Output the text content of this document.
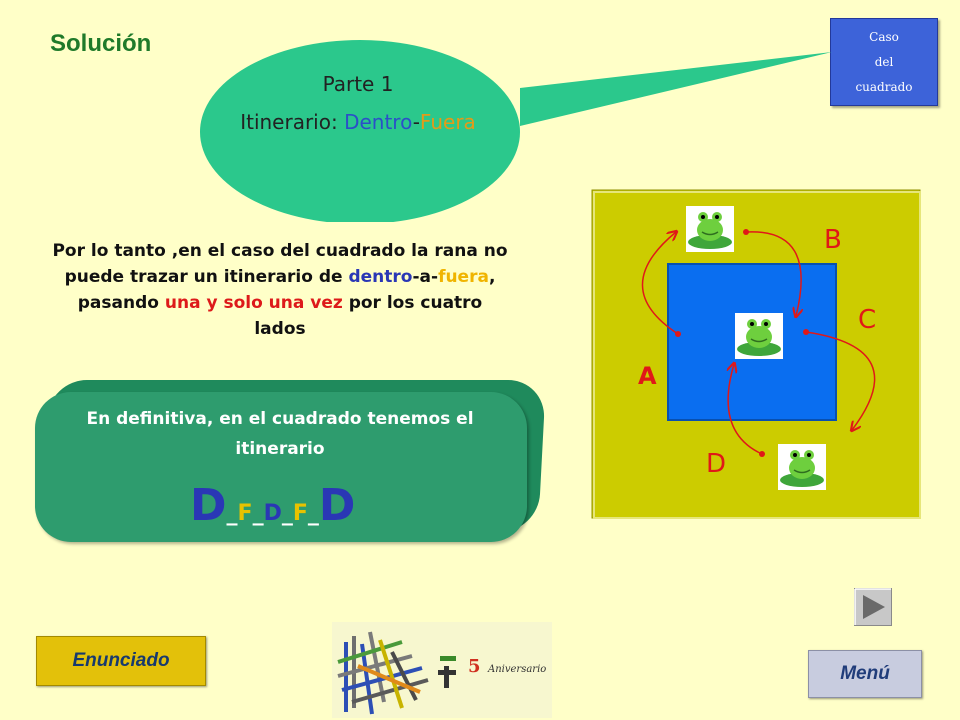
Solución	Caso
del
cuadrado
Parte 1
Itinerario: Dentro-Fuera
Por lo tanto ,en el caso del cuadrado la rana no puede trazar un itinerario de dentro-a-fuera, pasando una y solo una vez por los cuatro lados
En definitiva, en el cuadrado tenemos el itinerario
D_F_D_F_D
A
B
C
D
Enunciado
Menú
5 Aniversario
